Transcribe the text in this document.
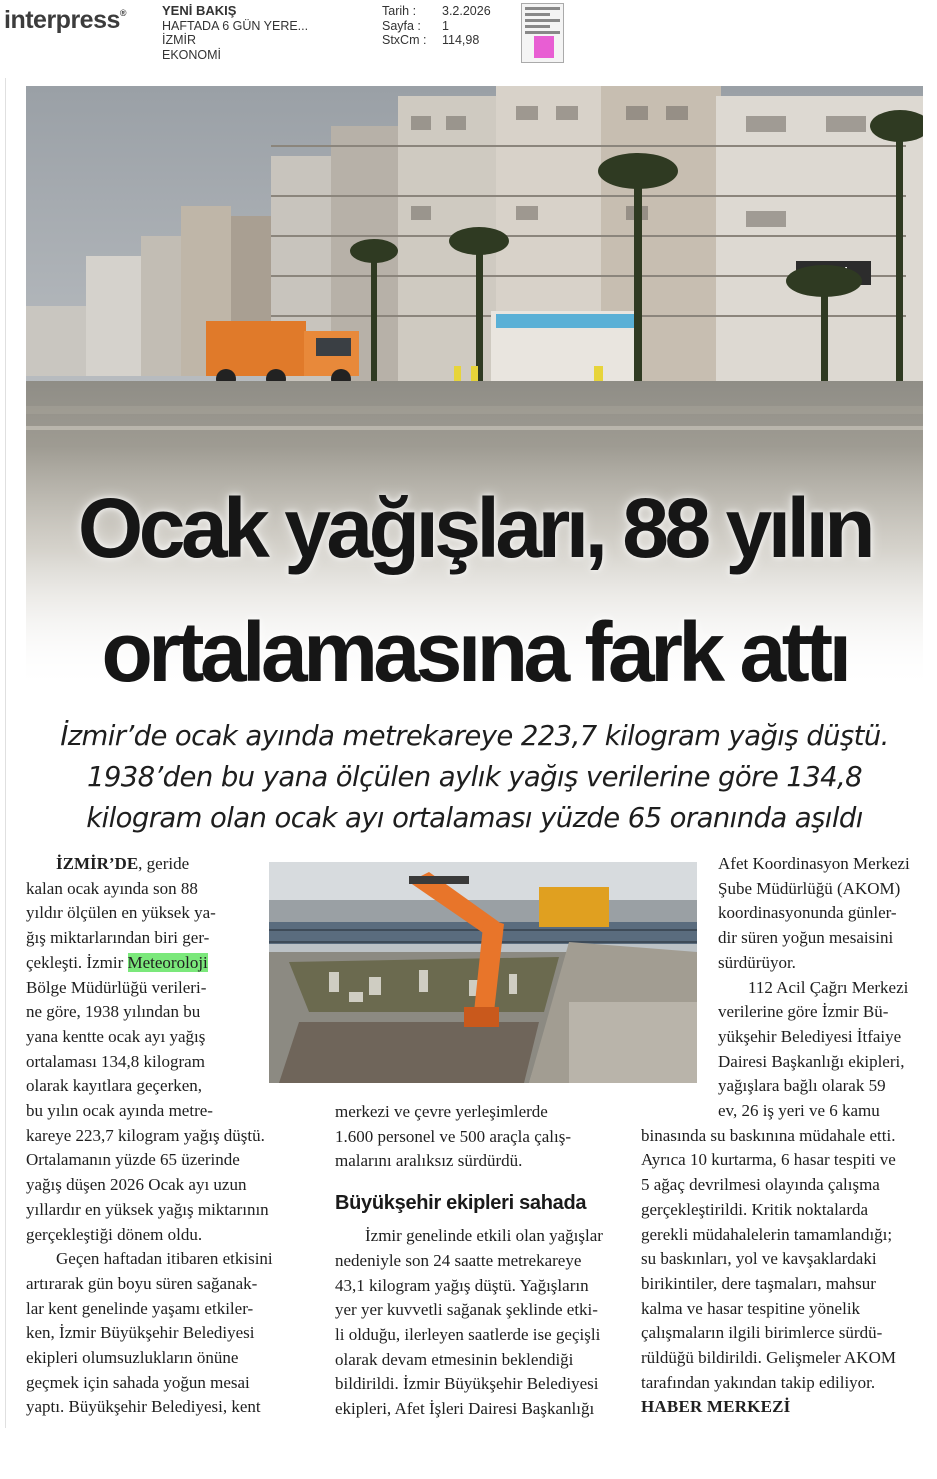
interpress®	YENİ BAKIŞ
HAFTADA 6 GÜN YERE...
İZMİR
EKONOMİ
Tarih :	3.2.2026
Sayfa :	1
StxCm :	114,98
Ocak yağışları, 88 yılın
ortalamasına fark attı
İzmir’de ocak ayında metrekareye 223,7 kilogram yağış düştü.
1938’den bu yana ölçülen aylık yağış verilerine göre 134,8
kilogram olan ocak ayı ortalaması yüzde 65 oranında aşıldı

İZMİR’DE, geride

kalan ocak ayında son 88

yıldır ölçülen en yüksek ya-

ğış miktarlarından biri ger-

çekleşti. İzmir Meteoroloji

Bölge Müdürlüğü verileri-

ne göre, 1938 yılından bu

yana kentte ocak ayı yağış

ortalaması 134,8 kilogram

olarak kayıtlara geçerken,

bu yılın ocak ayında metre-

kareye 223,7 kilogram yağış düştü.

Ortalamanın yüzde 65 üzerinde

yağış düşen 2026 Ocak ayı uzun

yıllardır en yüksek yağış miktarının

gerçekleştiği dönem oldu.

Geçen haftadan itibaren etkisini

artırarak gün boyu süren sağanak-

lar kent genelinde yaşamı etkiler-

ken, İzmir Büyükşehir Belediyesi

ekipleri olumsuzlukların önüne

geçmek için sahada yoğun mesai

yaptı. Büyükşehir Belediyesi, kent

merkezi ve çevre yerleşimlerde

1.600 personel ve 500 araçla çalış-

malarını aralıksız sürdürdü.

Büyükşehir ekipleri sahada

İzmir genelinde etkili olan yağışlar

nedeniyle son 24 saatte metrekareye

43,1 kilogram yağış düştü. Yağışların

yer yer kuvvetli sağanak şeklinde etki-

li olduğu, ilerleyen saatlerde ise geçişli

olarak devam etmesinin beklendiği

bildirildi. İzmir Büyükşehir Belediyesi

ekipleri, Afet İşleri Dairesi Başkanlığı

Afet Koordinasyon Merkezi

Şube Müdürlüğü (AKOM)

koordinasyonunda günler-

dir süren yoğun mesaisini

sürdürüyor.

112 Acil Çağrı Merkezi

verilerine göre İzmir Bü-

yükşehir Belediyesi İtfaiye

Dairesi Başkanlığı ekipleri,

yağışlara bağlı olarak 59

ev, 26 iş yeri ve 6 kamu

binasında su baskınına müdahale etti.

Ayrıca 10 kurtarma, 6 hasar tespiti ve

5 ağaç devrilmesi olayında çalışma

gerçekleştirildi. Kritik noktalarda

gerekli müdahalelerin tamamlandığı;

su baskınları, yol ve kavşaklardaki

birikintiler, dere taşmaları, mahsur

kalma ve hasar tespitine yönelik

çalışmaların ilgili birimlerce sürdü-

rüldüğü bildirildi. Gelişmeler AKOM

tarafından yakından takip ediliyor.

HABER MERKEZİ
